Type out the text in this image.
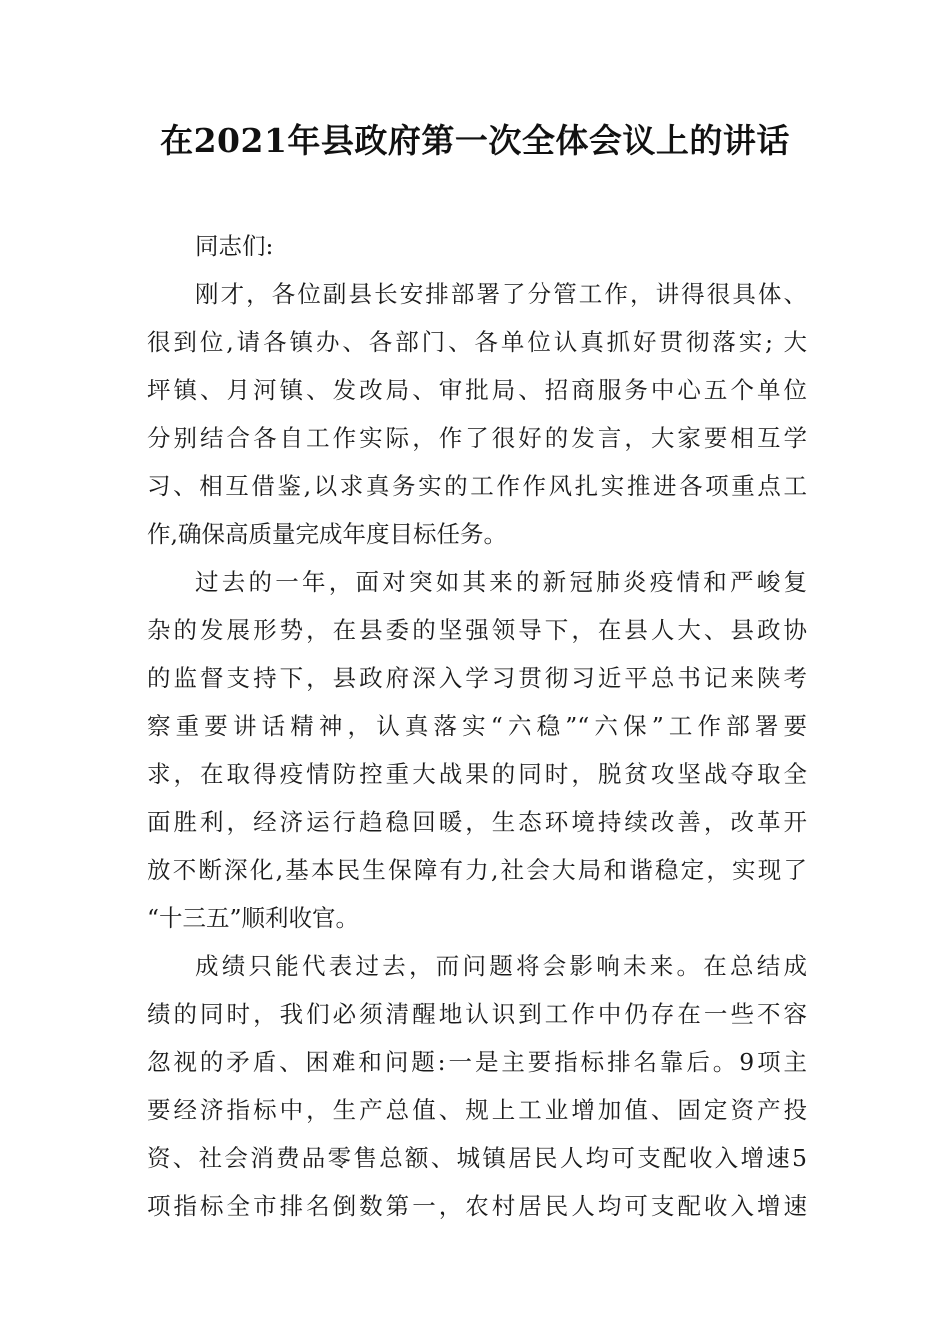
在2021年县政府第一次全体会议上的讲话
同志们:
刚才，各位副县长安排部署了分管工作，讲得很具体、
很到位,请各镇办、各部门、各单位认真抓好贯彻落实; 大
坪镇、月河镇、发改局、审批局、招商服务中心五个单位
分别结合各自工作实际，作了很好的发言，大家要相互学
习、相互借鉴,以求真务实的工作作风扎实推进各项重点工
作,确保高质量完成年度目标任务。
过去的一年，面对突如其来的新冠肺炎疫情和严峻复
杂的发展形势，在县委的坚强领导下，在县人大、县政协
的监督支持下，县政府深入学习贯彻习近平总书记来陕考
察重要讲话精神，认真落实“六稳”“六保”工作部署要
求，在取得疫情防控重大战果的同时，脱贫攻坚战夺取全
面胜利，经济运行趋稳回暖，生态环境持续改善，改革开
放不断深化,基本民生保障有力,社会大局和谐稳定，实现了
“十三五”顺利收官。
成绩只能代表过去，而问题将会影响未来。在总结成
绩的同时，我们必须清醒地认识到工作中仍存在一些不容
忽视的矛盾、困难和问题:一是主要指标排名靠后。9项主
要经济指标中，生产总值、规上工业增加值、固定资产投
资、社会消费品零售总额、城镇居民人均可支配收入增速5
项指标全市排名倒数第一，农村居民人均可支配收入增速
